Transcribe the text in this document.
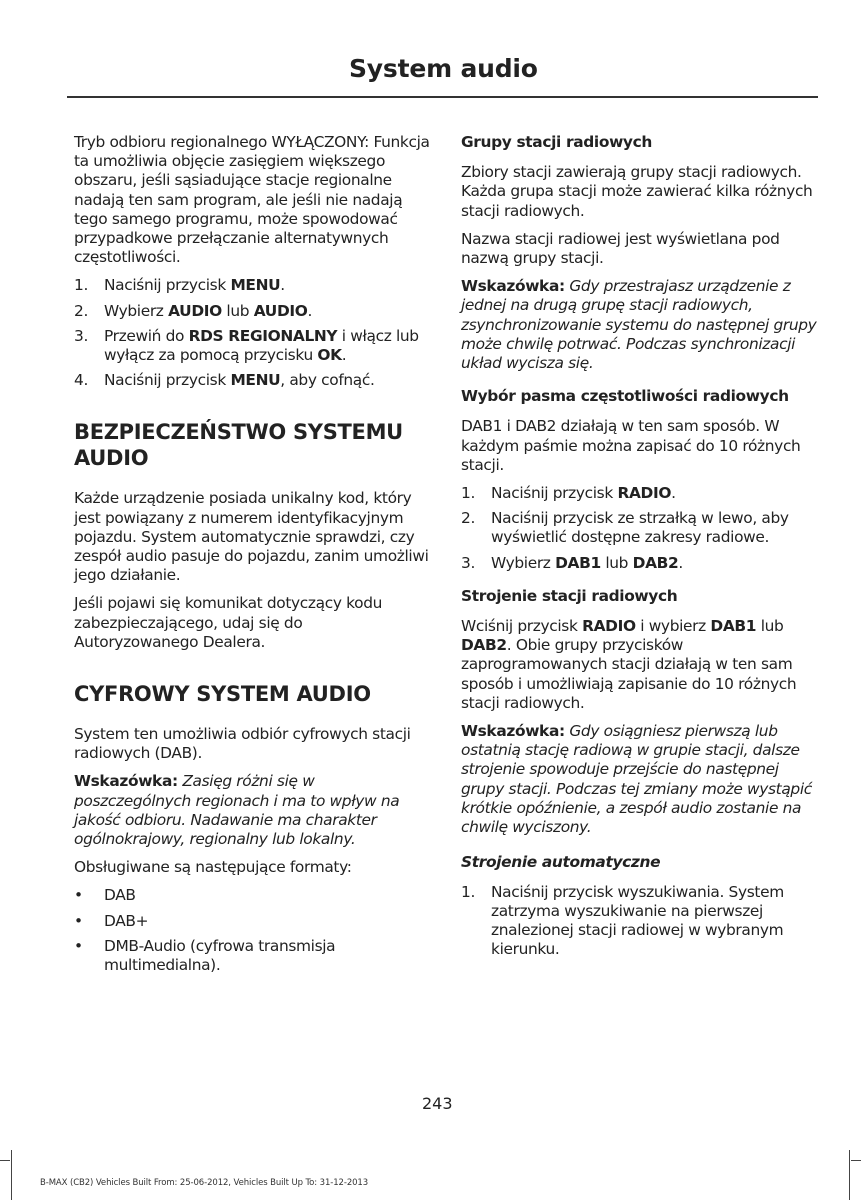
System audio

Tryb odbioru regionalnego WYŁĄCZONY: Funkcja ta umożliwia objęcie zasięgiem większego obszaru, jeśli sąsiadujące stacje regionalne nadają ten sam program, ale jeśli nie nadają tego samego programu, może spowodować przypadkowe przełączanie alternatywnych częstotliwości.

1. Naciśnij przycisk MENU.
2. Wybierz AUDIO lub AUDIO.
3. Przewiń do RDS REGIONALNY i włącz lub wyłącz za pomocą przycisku OK.
4. Naciśnij przycisk MENU, aby cofnąć.
BEZPIECZEŃSTWO SYSTEMU AUDIO

Każde urządzenie posiada unikalny kod, który jest powiązany z numerem identyfikacyjnym pojazdu. System automatycznie sprawdzi, czy zespół audio pasuje do pojazdu, zanim umożliwi jego działanie.

Jeśli pojawi się komunikat dotyczący kodu zabezpieczającego, udaj się do Autoryzowanego Dealera.

CYFROWY SYSTEM AUDIO

System ten umożliwia odbiór cyfrowych stacji radiowych (DAB).

Wskazówka: Zasięg różni się w poszczególnych regionach i ma to wpływ na jakość odbioru. Nadawanie ma charakter ogólnokrajowy, regionalny lub lokalny.

Obsługiwane są następujące formaty:

• DAB
• DAB+
• DMB-Audio (cyfrowa transmisja multimedialna).
Grupy stacji radiowych

Zbiory stacji zawierają grupy stacji radiowych. Każda grupa stacji może zawierać kilka różnych stacji radiowych.

Nazwa stacji radiowej jest wyświetlana pod nazwą grupy stacji.

Wskazówka: Gdy przestrajasz urządzenie z jednej na drugą grupę stacji radiowych, zsynchronizowanie systemu do następnej grupy może chwilę potrwać. Podczas synchronizacji układ wycisza się.

Wybór pasma częstotliwości radiowych

DAB1 i DAB2 działają w ten sam sposób. W każdym paśmie można zapisać do 10 różnych stacji.

1. Naciśnij przycisk RADIO.
2. Naciśnij przycisk ze strzałką w lewo, aby wyświetlić dostępne zakresy radiowe.
3. Wybierz DAB1 lub DAB2.
Strojenie stacji radiowych

Wciśnij przycisk RADIO i wybierz DAB1 lub DAB2. Obie grupy przycisków zaprogramowanych stacji działają w ten sam sposób i umożliwiają zapisanie do 10 różnych stacji radiowych.

Wskazówka: Gdy osiągniesz pierwszą lub ostatnią stację radiową w grupie stacji, dalsze strojenie spowoduje przejście do następnej grupy stacji. Podczas tej zmiany może wystąpić krótkie opóźnienie, a zespół audio zostanie na chwilę wyciszony.

Strojenie automatyczne
1. Naciśnij przycisk wyszukiwania. System zatrzyma wyszukiwanie na pierwszej znalezionej stacji radiowej w wybranym kierunku.
243
B-MAX (CB2) Vehicles Built From: 25-06-2012, Vehicles Built Up To: 31-12-2013
